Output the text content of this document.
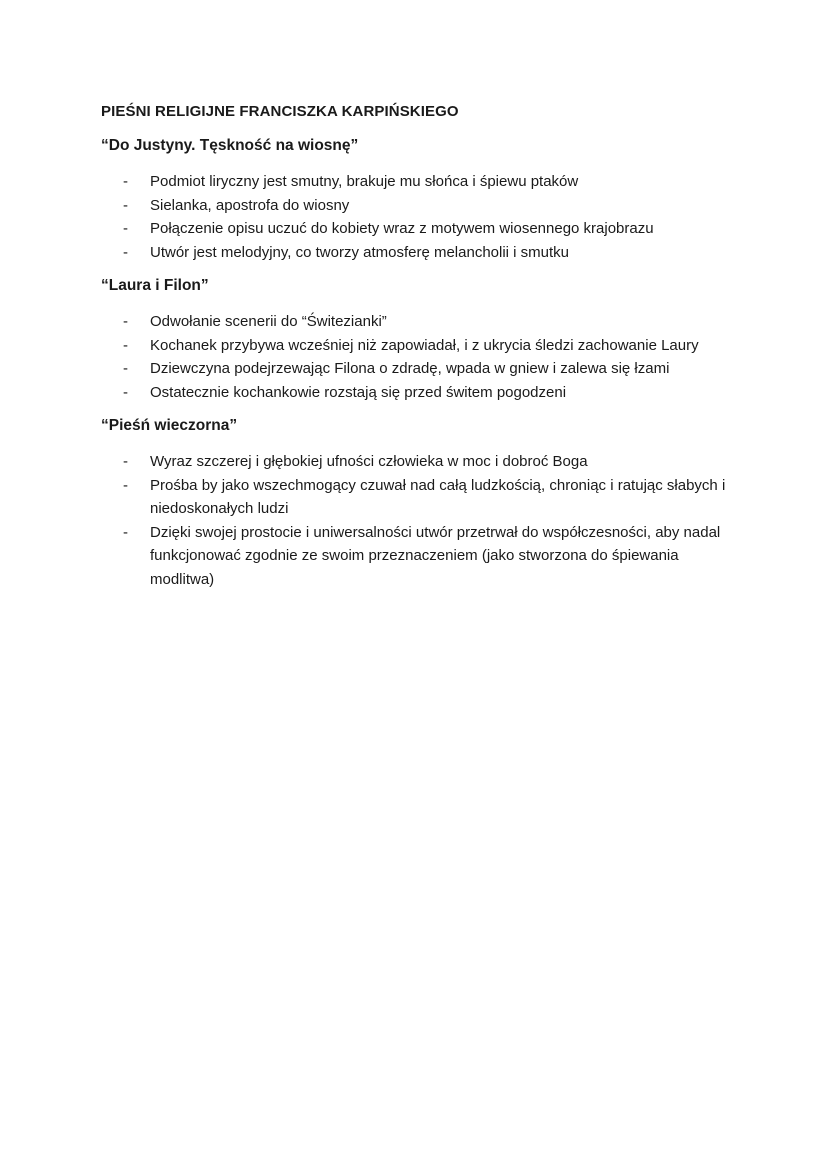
PIEŚNI RELIGIJNE FRANCISZKA KARPIŃSKIEGO
“Do Justyny. Tęskność na wiosnę”
- Podmiot liryczny jest smutny, brakuje mu słońca i śpiewu ptaków
- Sielanka, apostrofa do wiosny
- Połączenie opisu uczuć do kobiety wraz z motywem wiosennego krajobrazu
- Utwór jest melodyjny, co tworzy atmosferę melancholii i smutku
“Laura i Filon”
- Odwołanie scenerii do “Świtezianki”
- Kochanek przybywa wcześniej niż zapowiadał, i z ukrycia śledzi zachowanie Laury
- Dziewczyna podejrzewając Filona o zdradę, wpada w gniew i zalewa się łzami
- Ostatecznie kochankowie rozstają się przed świtem pogodzeni
“Pieśń wieczorna”
- Wyraz szczerej i głębokiej ufności człowieka w moc i dobroć Boga
- Prośba by jako wszechmogący czuwał nad całą ludzkością, chroniąc i ratując słabych i niedoskonałych ludzi
- Dzięki swojej prostocie i uniwersalności utwór przetrwał do współczesności, aby nadal funkcjonować zgodnie ze swoim przeznaczeniem (jako stworzona do śpiewania modlitwa)
